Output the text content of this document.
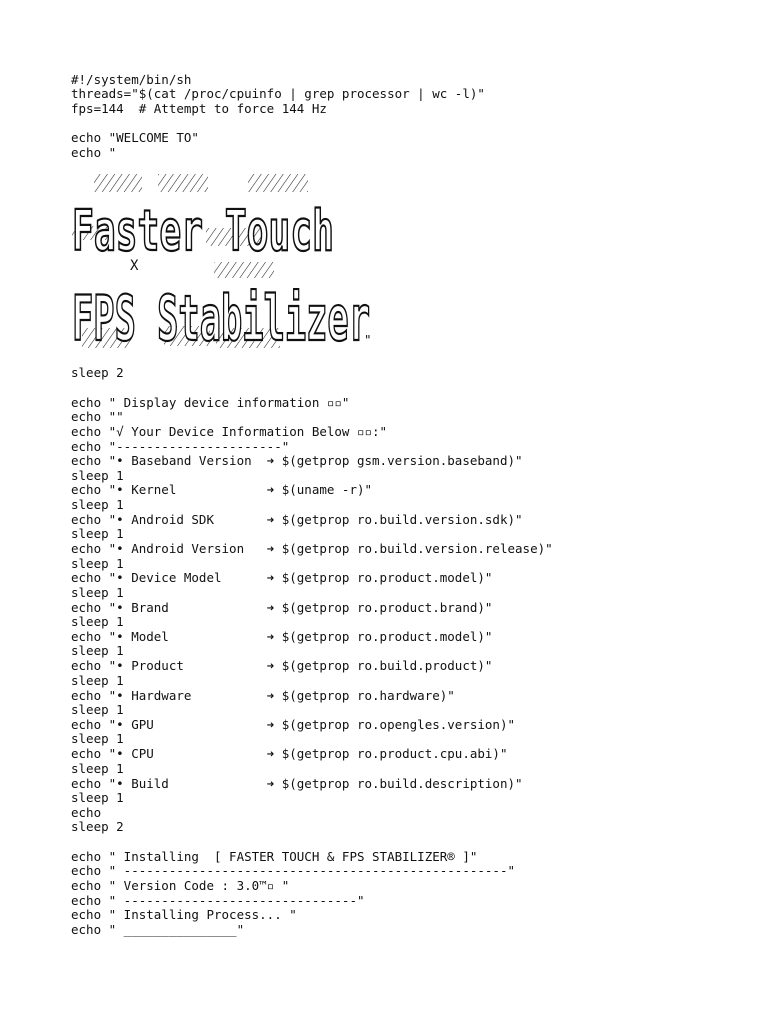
#!/system/bin/sh
threads="$(cat /proc/cpuinfo | grep processor | wc -l)"
fps=144  # Attempt to force 144 Hz
echo "WELCOME TO"
echo "
Faster Touch
Faster Touch
X
FPS Stabilizer
FPS Stabilizer
"
sleep 2
echo " Display device information ▫▫"
echo ""
echo "√ Your Device Information Below ▫▫:"
echo "----------------------"
echo "• Baseband Version  ➜ $(getprop gsm.version.baseband)"
sleep 1
echo "• Kernel            ➜ $(uname -r)"
sleep 1
echo "• Android SDK       ➜ $(getprop ro.build.version.sdk)"
sleep 1
echo "• Android Version   ➜ $(getprop ro.build.version.release)"
sleep 1
echo "• Device Model      ➜ $(getprop ro.product.model)"
sleep 1
echo "• Brand             ➜ $(getprop ro.product.brand)"
sleep 1
echo "• Model             ➜ $(getprop ro.product.model)"
sleep 1
echo "• Product           ➜ $(getprop ro.build.product)"
sleep 1
echo "• Hardware          ➜ $(getprop ro.hardware)"
sleep 1
echo "• GPU               ➜ $(getprop ro.opengles.version)"
sleep 1
echo "• CPU               ➜ $(getprop ro.product.cpu.abi)"
sleep 1
echo "• Build             ➜ $(getprop ro.build.description)"
sleep 1
echo
sleep 2
echo " Installing  [ FASTER TOUCH & FPS STABILIZER® ]"
echo " ---------------------------------------------------"
echo " Version Code : 3.0™▫ "
echo " -------------------------------"
echo " Installing Process... "
echo " _______________"
